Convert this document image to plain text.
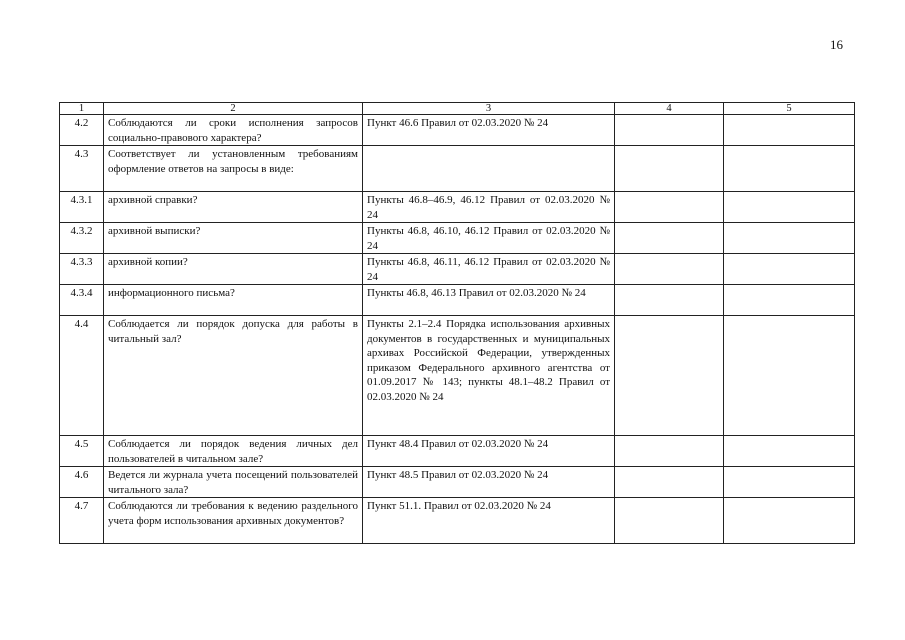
16
1	2	3	4	5
4.2	Соблюдаются ли сроки исполнения запросов социально-правового характера?	Пункт 46.6 Правил от 02.03.2020 № 24		
4.3	Соответствует ли установленным требованиям оформление ответов на запросы в виде:			
4.3.1	архивной справки?	Пункты 46.8–46.9, 46.12 Правил от 02.03.2020 № 24		
4.3.2	архивной выписки?	Пункты 46.8, 46.10, 46.12 Правил от 02.03.2020 № 24		
4.3.3	архивной копии?	Пункты 46.8, 46.11, 46.12 Правил от 02.03.2020 № 24		
4.3.4	информационного письма?	Пункты 46.8, 46.13 Правил от 02.03.2020 № 24		
4.4	Соблюдается ли порядок допуска для работы в читальный зал?	Пункты 2.1–2.4 Порядка использования архивных документов в государственных и муниципальных архивах Российской Федерации, утвержденных приказом Федерального архивного агентства от 01.09.2017 № 143; пункты 48.1–48.2 Правил от 02.03.2020 № 24		
4.5	Соблюдается ли порядок ведения личных дел пользователей в читальном зале?	Пункт 48.4 Правил от 02.03.2020 № 24		
4.6	Ведется ли журнала учета посещений пользователей читального зала?	Пункт 48.5 Правил от 02.03.2020 № 24		
4.7	Соблюдаются ли требования к ведению раздельного учета форм использования архивных документов?	Пункт 51.1. Правил от 02.03.2020 № 24		
